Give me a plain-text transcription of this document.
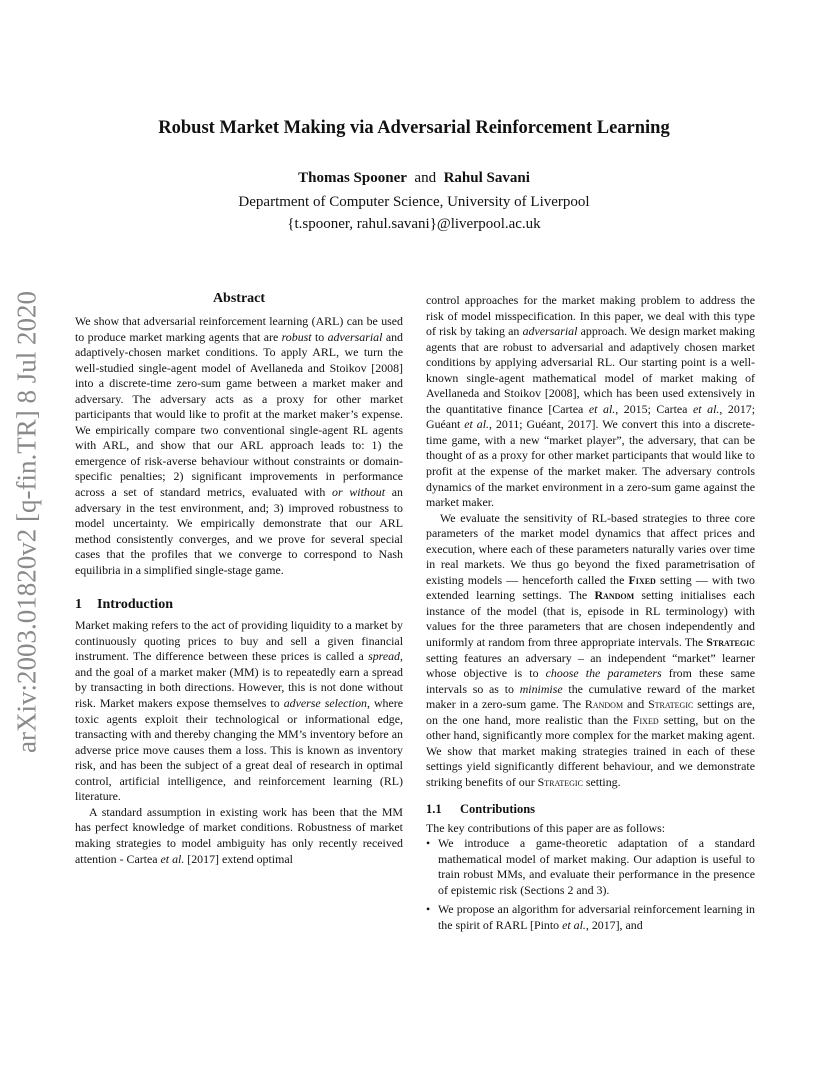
Robust Market Making via Adversarial Reinforcement Learning
Thomas Spooner and Rahul Savani
Department of Computer Science, University of Liverpool
{t.spooner, rahul.savani}@liverpool.ac.uk
arXiv:2003.01820v2 [q-fin.TR] 8 Jul 2020	Abstract

We show that adversarial reinforcement learning (ARL) can be used to produce market marking agents that are robust to adversarial and adaptively-chosen market conditions. To apply ARL, we turn the well-studied single-agent model of Avellaneda and Stoikov [2008] into a discrete-time zero-sum game between a market maker and adversary. The adversary acts as a proxy for other market participants that would like to profit at the market maker’s expense. We empirically compare two conventional single-agent RL agents with ARL, and show that our ARL approach leads to: 1) the emergence of risk-averse behaviour without constraints or domain-specific penalties; 2) significant improvements in performance across a set of standard metrics, evaluated with or without an adversary in the test environment, and; 3) improved robustness to model uncertainty. We empirically demonstrate that our ARL method consistently converges, and we prove for several special cases that the profiles that we converge to correspond to Nash equilibria in a simplified single-stage game.

1 Introduction

Market making refers to the act of providing liquidity to a market by continuously quoting prices to buy and sell a given financial instrument. The difference between these prices is called a spread, and the goal of a market maker (MM) is to repeatedly earn a spread by transacting in both directions. However, this is not done without risk. Market makers expose themselves to adverse selection, where toxic agents exploit their technological or informational edge, transacting with and thereby changing the MM’s inventory before an adverse price move causes them a loss. This is known as inventory risk, and has been the subject of a great deal of research in optimal control, artificial intelligence, and reinforcement learning (RL) literature.

A standard assumption in existing work has been that the MM has perfect knowledge of market conditions. Robustness of market making strategies to model ambiguity has only recently received attention - Cartea et al. [2017] extend optimal

control approaches for the market making problem to address the risk of model misspecification. In this paper, we deal with this type of risk by taking an adversarial approach. We design market making agents that are robust to adversarial and adaptively chosen market conditions by applying adversarial RL. Our starting point is a well-known single-agent mathematical model of market making of Avellaneda and Stoikov [2008], which has been used extensively in the quantitative finance [Cartea et al., 2015; Cartea et al., 2017; Guéant et al., 2011; Guéant, 2017]. We convert this into a discrete-time game, with a new “market player”, the adversary, that can be thought of as a proxy for other market participants that would like to profit at the expense of the market maker. The adversary controls dynamics of the market environment in a zero-sum game against the market maker.

We evaluate the sensitivity of RL-based strategies to three core parameters of the market model dynamics that affect prices and execution, where each of these parameters naturally varies over time in real markets. We thus go beyond the fixed parametrisation of existing models — henceforth called the Fixed setting — with two extended learning settings. The Random setting initialises each instance of the model (that is, episode in RL terminology) with values for the three parameters that are chosen independently and uniformly at random from three appropriate intervals. The Strategic setting features an adversary – an independent “market” learner whose objective is to choose the parameters from these same intervals so as to minimise the cumulative reward of the market maker in a zero-sum game. The Random and Strategic settings are, on the one hand, more realistic than the Fixed setting, but on the other hand, significantly more complex for the market making agent. We show that market making strategies trained in each of these settings yield significantly different behaviour, and we demonstrate striking benefits of our Strategic setting.

1.1 Contributions

The key contributions of this paper are as follows:

• We introduce a game-theoretic adaptation of a standard mathematical model of market making. Our adaption is useful to train robust MMs, and evaluate their performance in the presence of epistemic risk (Sections 2 and 3).
• We propose an algorithm for adversarial reinforcement learning in the spirit of RARL [Pinto et al., 2017], and
